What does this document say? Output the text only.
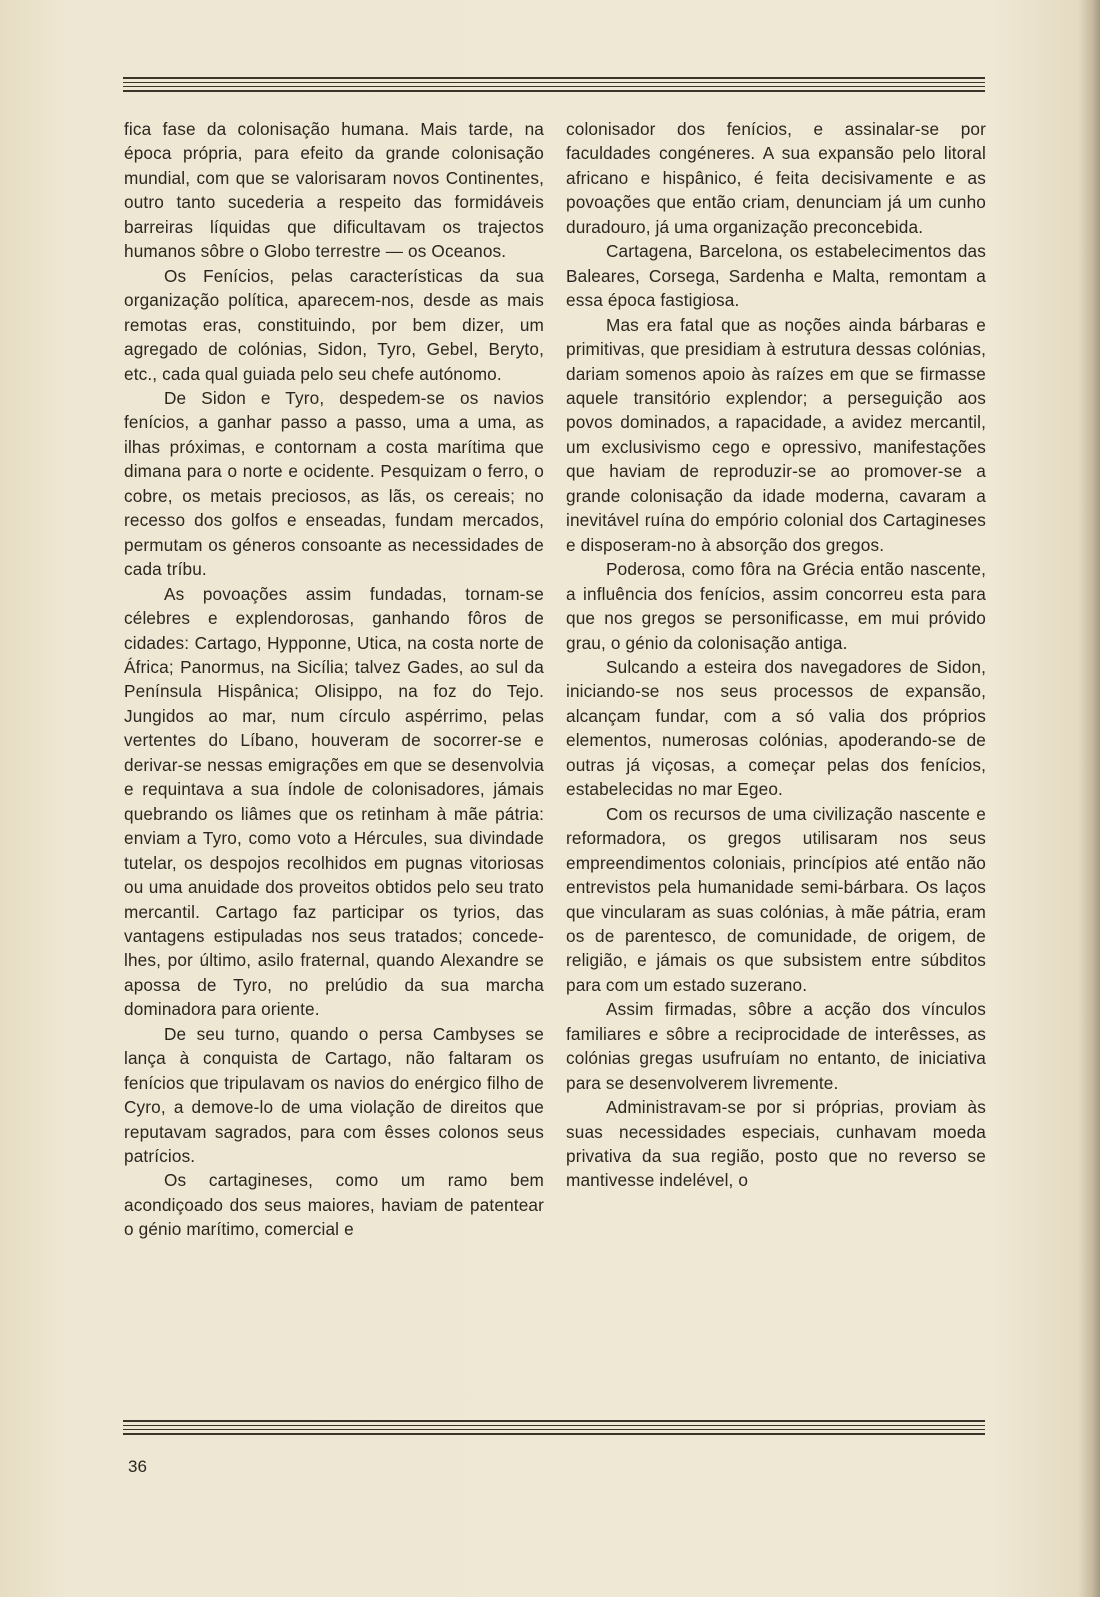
fica fase da colonisação humana. Mais tarde, na época própria, para efeito da grande colonisação mundial, com que se valorisaram novos Continentes, outro tanto sucederia a respeito das formidáveis barreiras líquidas que dificultavam os trajectos humanos sôbre o Globo terrestre — os Oceanos.

Os Fenícios, pelas características da sua organização política, aparecem-nos, desde as mais remotas eras, constituindo, por bem dizer, um agregado de colónias, Sidon, Tyro, Gebel, Beryto, etc., cada qual guiada pelo seu chefe autónomo.

De Sidon e Tyro, despedem-se os navios fenícios, a ganhar passo a passo, uma a uma, as ilhas próximas, e contornam a costa marítima que dimana para o norte e ocidente. Pesquizam o ferro, o cobre, os metais preciosos, as lãs, os cereais; no recesso dos golfos e enseadas, fundam mercados, permutam os géneros consoante as necessidades de cada tríbu.

As povoações assim fundadas, tornam-se célebres e explendorosas, ganhando fôros de cidades: Cartago, Hypponne, Utica, na costa norte de África; Panormus, na Sicília; talvez Gades, ao sul da Península Hispânica; Olisippo, na foz do Tejo. Jungidos ao mar, num círculo aspérrimo, pelas vertentes do Líbano, houveram de socorrer-se e derivar-se nessas emigrações em que se desenvolvia e requintava a sua índole de colonisadores, jámais quebrando os liâmes que os retinham à mãe pátria: enviam a Tyro, como voto a Hércules, sua divindade tutelar, os despojos recolhidos em pugnas vitoriosas ou uma anuidade dos proveitos obtidos pelo seu trato mercantil. Cartago faz participar os tyrios, das vantagens estipuladas nos seus tratados; concede-lhes, por último, asilo fraternal, quando Alexandre se apossa de Tyro, no prelúdio da sua marcha dominadora para oriente.

De seu turno, quando o persa Cambyses se lança à conquista de Cartago, não faltaram os fenícios que tripulavam os navios do enérgico filho de Cyro, a demove-lo de uma violação de direitos que reputavam sagrados, para com êsses colonos seus patrícios.

Os cartagineses, como um ramo bem acondiçoado dos seus maiores, haviam de patentear o génio marítimo, comercial e

colonisador dos fenícios, e assinalar-se por faculdades congéneres. A sua expansão pelo litoral africano e hispânico, é feita decisivamente e as povoações que então criam, denunciam já um cunho duradouro, já uma organização preconcebida.

Cartagena, Barcelona, os estabelecimentos das Baleares, Corsega, Sardenha e Malta, remontam a essa época fastigiosa.

Mas era fatal que as noções ainda bárbaras e primitivas, que presidiam à estrutura dessas colónias, dariam somenos apoio às raízes em que se firmasse aquele transitório explendor; a perseguição aos povos dominados, a rapacidade, a avidez mercantil, um exclusivismo cego e opressivo, manifestações que haviam de reproduzir-se ao promover-se a grande colonisação da idade moderna, cavaram a inevitável ruína do empório colonial dos Cartagineses e disposeram-no à absorção dos gregos.

Poderosa, como fôra na Grécia então nascente, a influência dos fenícios, assim concorreu esta para que nos gregos se personificasse, em mui próvido grau, o génio da colonisação antiga.

Sulcando a esteira dos navegadores de Sidon, iniciando-se nos seus processos de expansão, alcançam fundar, com a só valia dos próprios elementos, numerosas colónias, apoderando-se de outras já viçosas, a começar pelas dos fenícios, estabelecidas no mar Egeo.

Com os recursos de uma civilização nascente e reformadora, os gregos utilisaram nos seus empreendimentos coloniais, princípios até então não entrevistos pela humanidade semi-bárbara. Os laços que vincularam as suas colónias, à mãe pátria, eram os de parentesco, de comunidade, de origem, de religião, e jámais os que subsistem entre súbditos para com um estado suzerano.

Assim firmadas, sôbre a acção dos vínculos familiares e sôbre a reciprocidade de interêsses, as colónias gregas usufruíam no entanto, de iniciativa para se desenvolverem livremente.

Administravam-se por si próprias, proviam às suas necessidades especiais, cunhavam moeda privativa da sua região, posto que no reverso se mantivesse indelével, o

36
